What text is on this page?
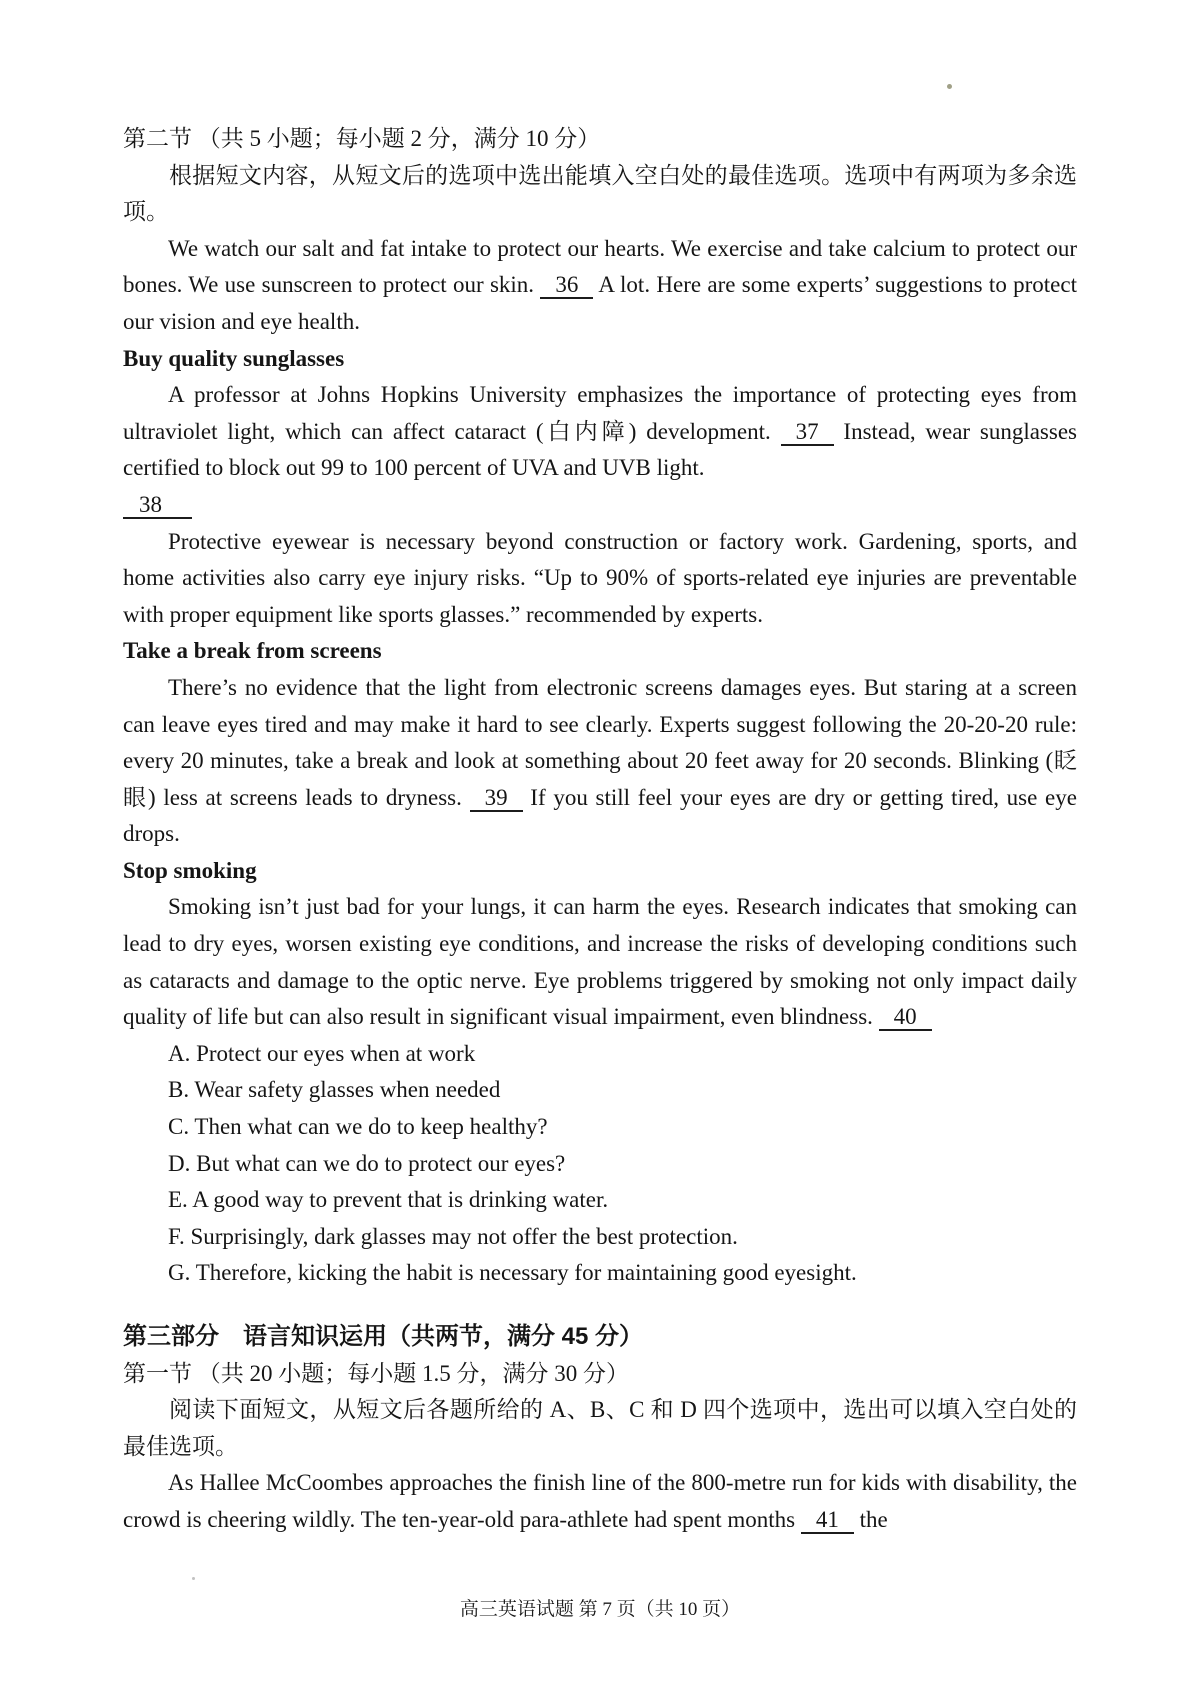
第二节 （共 5 小题；每小题 2 分，满分 10 分）
根据短文内容，从短文后的选项中选出能填入空白处的最佳选项。选项中有两项为多余选项。
We watch our salt and fat intake to protect our hearts. We exercise and take calcium to protect our bones. We use sunscreen to protect our skin. 36 A lot. Here are some experts’ suggestions to protect our vision and eye health.
Buy quality sunglasses
A professor at Johns Hopkins University emphasizes the importance of protecting eyes from ultraviolet light, which can affect cataract (白内障) development. 37 Instead, wear sunglasses certified to block out 99 to 100 percent of UVA and UVB light.
38
Protective eyewear is necessary beyond construction or factory work. Gardening, sports, and home activities also carry eye injury risks. “Up to 90% of sports-related eye injuries are preventable with proper equipment like sports glasses.” recommended by experts.
Take a break from screens
There’s no evidence that the light from electronic screens damages eyes. But staring at a screen can leave eyes tired and may make it hard to see clearly. Experts suggest following the 20-20-20 rule: every 20 minutes, take a break and look at something about 20 feet away for 20 seconds. Blinking (眨眼) less at screens leads to dryness. 39 If you still feel your eyes are dry or getting tired, use eye drops.
Stop smoking
Smoking isn’t just bad for your lungs, it can harm the eyes. Research indicates that smoking can lead to dry eyes, worsen existing eye conditions, and increase the risks of developing conditions such as cataracts and damage to the optic nerve. Eye problems triggered by smoking not only impact daily quality of life but can also result in significant visual impairment, even blindness. 40
A. Protect our eyes when at work
B. Wear safety glasses when needed
C. Then what can we do to keep healthy?
D. But what can we do to protect our eyes?
E. A good way to prevent that is drinking water.
F. Surprisingly, dark glasses may not offer the best protection.
G. Therefore, kicking the habit is necessary for maintaining good eyesight.
第三部分　语言知识运用（共两节，满分 45 分）
第一节 （共 20 小题；每小题 1.5 分，满分 30 分）
阅读下面短文，从短文后各题所给的 A、B、C 和 D 四个选项中，选出可以填入空白处的最佳选项。
As Hallee McCoombes approaches the finish line of the 800-metre run for kids with disability, the crowd is cheering wildly. The ten-year-old para-athlete had spent months 41 the
高三英语试题 第 7 页（共 10 页）
